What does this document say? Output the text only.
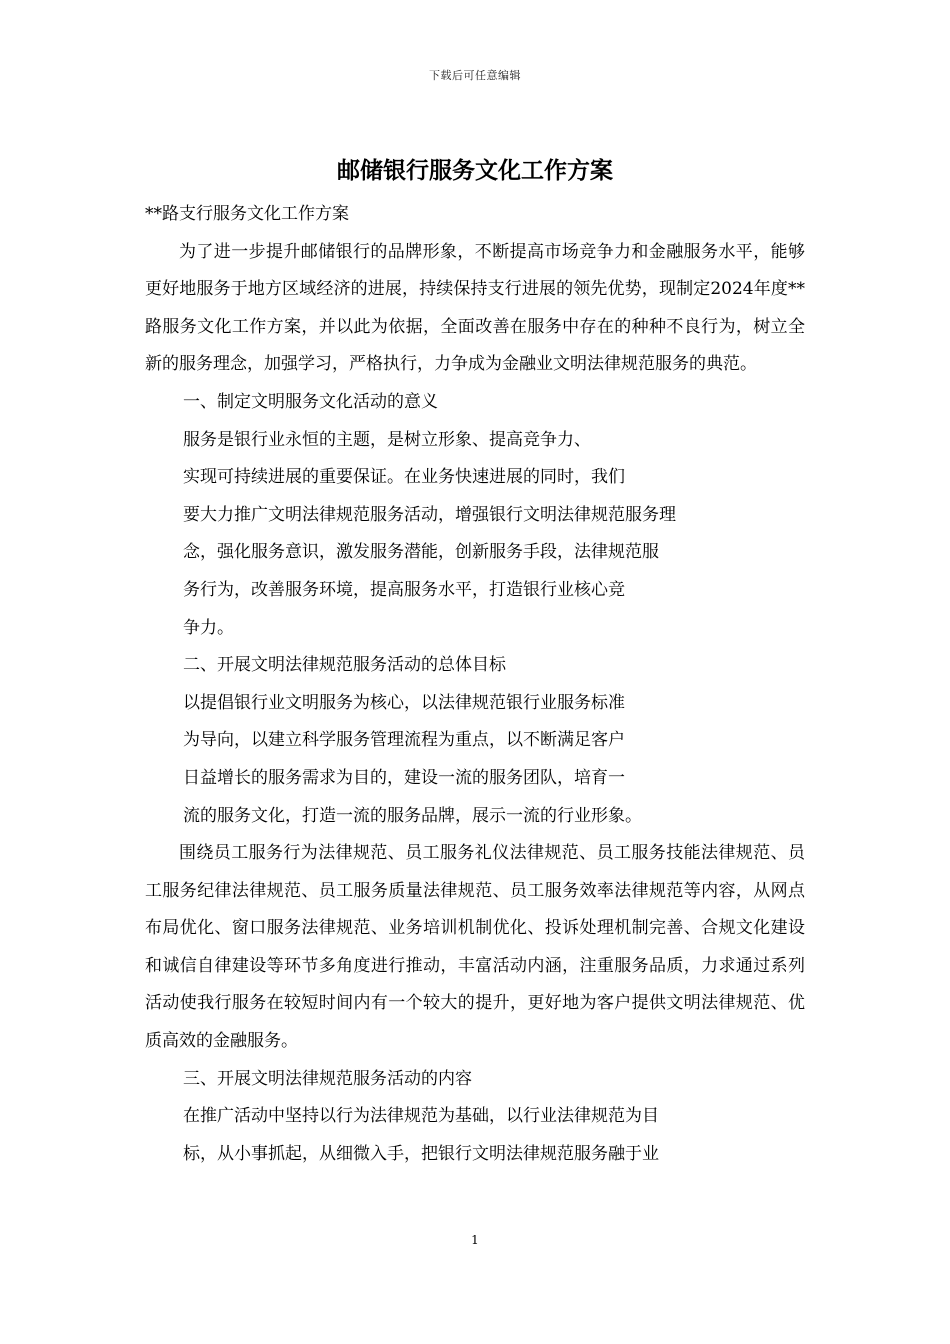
下载后可任意编辑
邮储银行服务文化工作方案

**路支行服务文化工作方案

为了进一步提升邮储银行的品牌形象，不断提高市场竞争力和金融服务水平，能够更好地服务于地方区域经济的进展，持续保持支行进展的领先优势，现制定2024年度**路服务文化工作方案，并以此为依据，全面改善在服务中存在的种种不良行为，树立全新的服务理念，加强学习，严格执行，力争成为金融业文明法律规范服务的典范。

一、制定文明服务文化活动的意义

服务是银行业永恒的主题，是树立形象、提高竞争力、

实现可持续进展的重要保证。在业务快速进展的同时，我们

要大力推广文明法律规范服务活动，增强银行文明法律规范服务理

念，强化服务意识，激发服务潜能，创新服务手段，法律规范服

务行为，改善服务环境，提高服务水平，打造银行业核心竞

争力。

二、开展文明法律规范服务活动的总体目标

以提倡银行业文明服务为核心，以法律规范银行业服务标准

为导向，以建立科学服务管理流程为重点，以不断满足客户

日益增长的服务需求为目的，建设一流的服务团队，培育一

流的服务文化，打造一流的服务品牌，展示一流的行业形象。

围绕员工服务行为法律规范、员工服务礼仪法律规范、员工服务技能法律规范、员工服务纪律法律规范、员工服务质量法律规范、员工服务效率法律规范等内容，从网点布局优化、窗口服务法律规范、业务培训机制优化、投诉处理机制完善、合规文化建设和诚信自律建设等环节多角度进行推动，丰富活动内涵，注重服务品质，力求通过系列活动使我行服务在较短时间内有一个较大的提升，更好地为客户提供文明法律规范、优质高效的金融服务。

三、开展文明法律规范服务活动的内容

在推广活动中坚持以行为法律规范为基础，以行业法律规范为目

标，从小事抓起，从细微入手，把银行文明法律规范服务融于业

1
